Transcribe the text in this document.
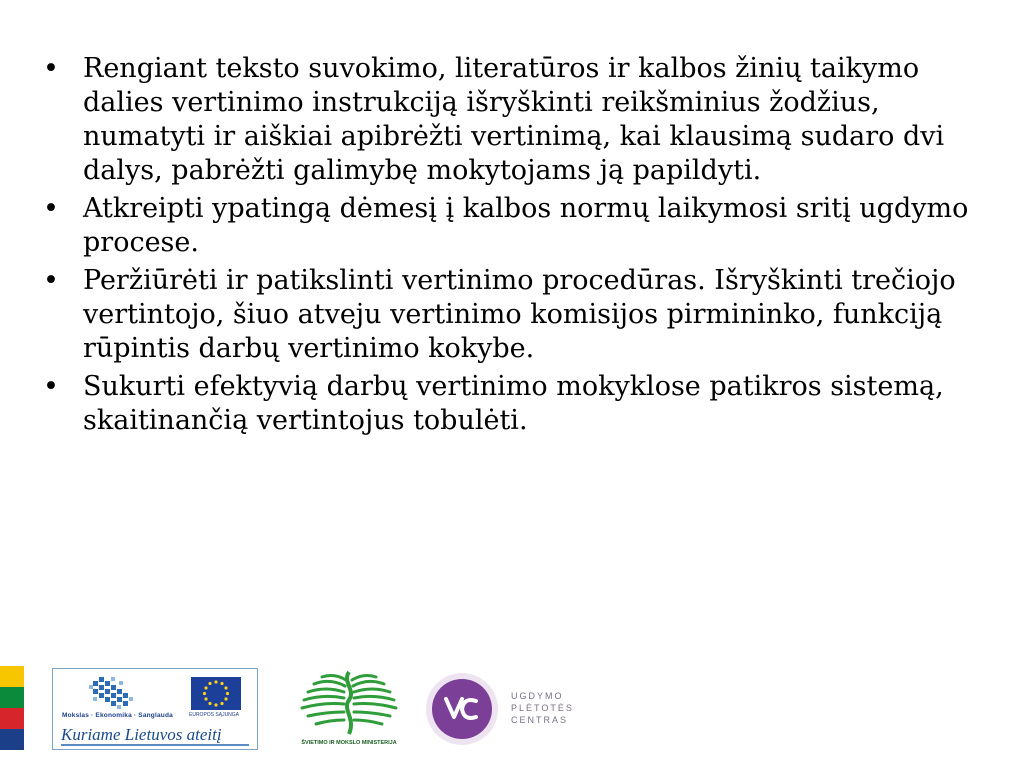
• Rengiant teksto suvokimo, literatūros ir kalbos žinių taikymo dalies vertinimo instrukciją išryškinti reikšminius žodžius, numatyti ir aiškiai apibrėžti vertinimą, kai klausimą sudaro dvi dalys, pabrėžti galimybę mokytojams ją papildyti.
• Atkreipti ypatingą dėmesį į kalbos normų laikymosi sritį ugdymo procese.
• Peržiūrėti ir patikslinti vertinimo procedūras. Išryškinti trečiojo vertintojo, šiuo atveju vertinimo komisijos pirmininko, funkciją rūpintis darbų vertinimo kokybe.
• Sukurti efektyvią darbų vertinimo mokyklose patikros sistemą, skaitinančią vertintojus tobulėti.
Mokslas · Ekonomika · Sanglauda	EUROPOS SĄJUNGA
Kuriame Lietuvos ateitį	ŠVIETIMO IR MOKSLO MINISTERIJA
UGDYMO
PLĖTOTĖS
CENTRAS
